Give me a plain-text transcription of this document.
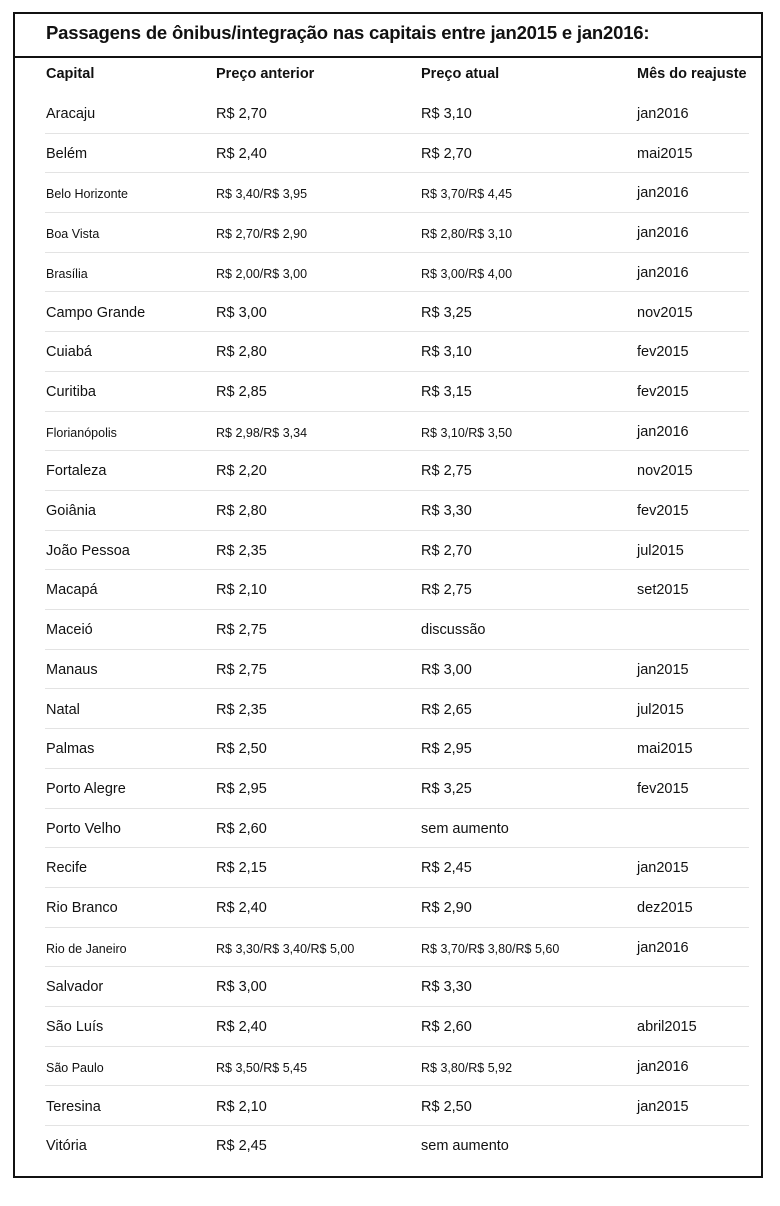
Passagens de ônibus/integração nas capitais entre jan2015 e jan2016:
Capital	Preço anterior	Preço atual	Mês do reajuste
Aracaju	R$ 2,70	R$ 3,10	jan2016
Belém	R$ 2,40	R$ 2,70	mai2015
Belo Horizonte	R$ 3,40/R$ 3,95	R$ 3,70/R$ 4,45	jan2016
Boa Vista	R$ 2,70/R$ 2,90	R$ 2,80/R$ 3,10	jan2016
Brasília	R$ 2,00/R$ 3,00	R$ 3,00/R$ 4,00	jan2016
Campo Grande	R$ 3,00	R$ 3,25	nov2015
Cuiabá	R$ 2,80	R$ 3,10	fev2015
Curitiba	R$ 2,85	R$ 3,15	fev2015
Florianópolis	R$ 2,98/R$ 3,34	R$ 3,10/R$ 3,50	jan2016
Fortaleza	R$ 2,20	R$ 2,75	nov2015
Goiânia	R$ 2,80	R$ 3,30	fev2015
João Pessoa	R$ 2,35	R$ 2,70	jul2015
Macapá	R$ 2,10	R$ 2,75	set2015
Maceió	R$ 2,75	discussão
Manaus	R$ 2,75	R$ 3,00	jan2015
Natal	R$ 2,35	R$ 2,65	jul2015
Palmas	R$ 2,50	R$ 2,95	mai2015
Porto Alegre	R$ 2,95	R$ 3,25	fev2015
Porto Velho	R$ 2,60	sem aumento
Recife	R$ 2,15	R$ 2,45	jan2015
Rio Branco	R$ 2,40	R$ 2,90	dez2015
Rio de Janeiro	R$ 3,30/R$ 3,40/R$ 5,00	R$ 3,70/R$ 3,80/R$ 5,60	jan2016
Salvador	R$ 3,00	R$ 3,30
São Luís	R$ 2,40	R$ 2,60	abril2015
São Paulo	R$ 3,50/R$ 5,45	R$ 3,80/R$ 5,92	jan2016
Teresina	R$ 2,10	R$ 2,50	jan2015
Vitória	R$ 2,45	sem aumento
